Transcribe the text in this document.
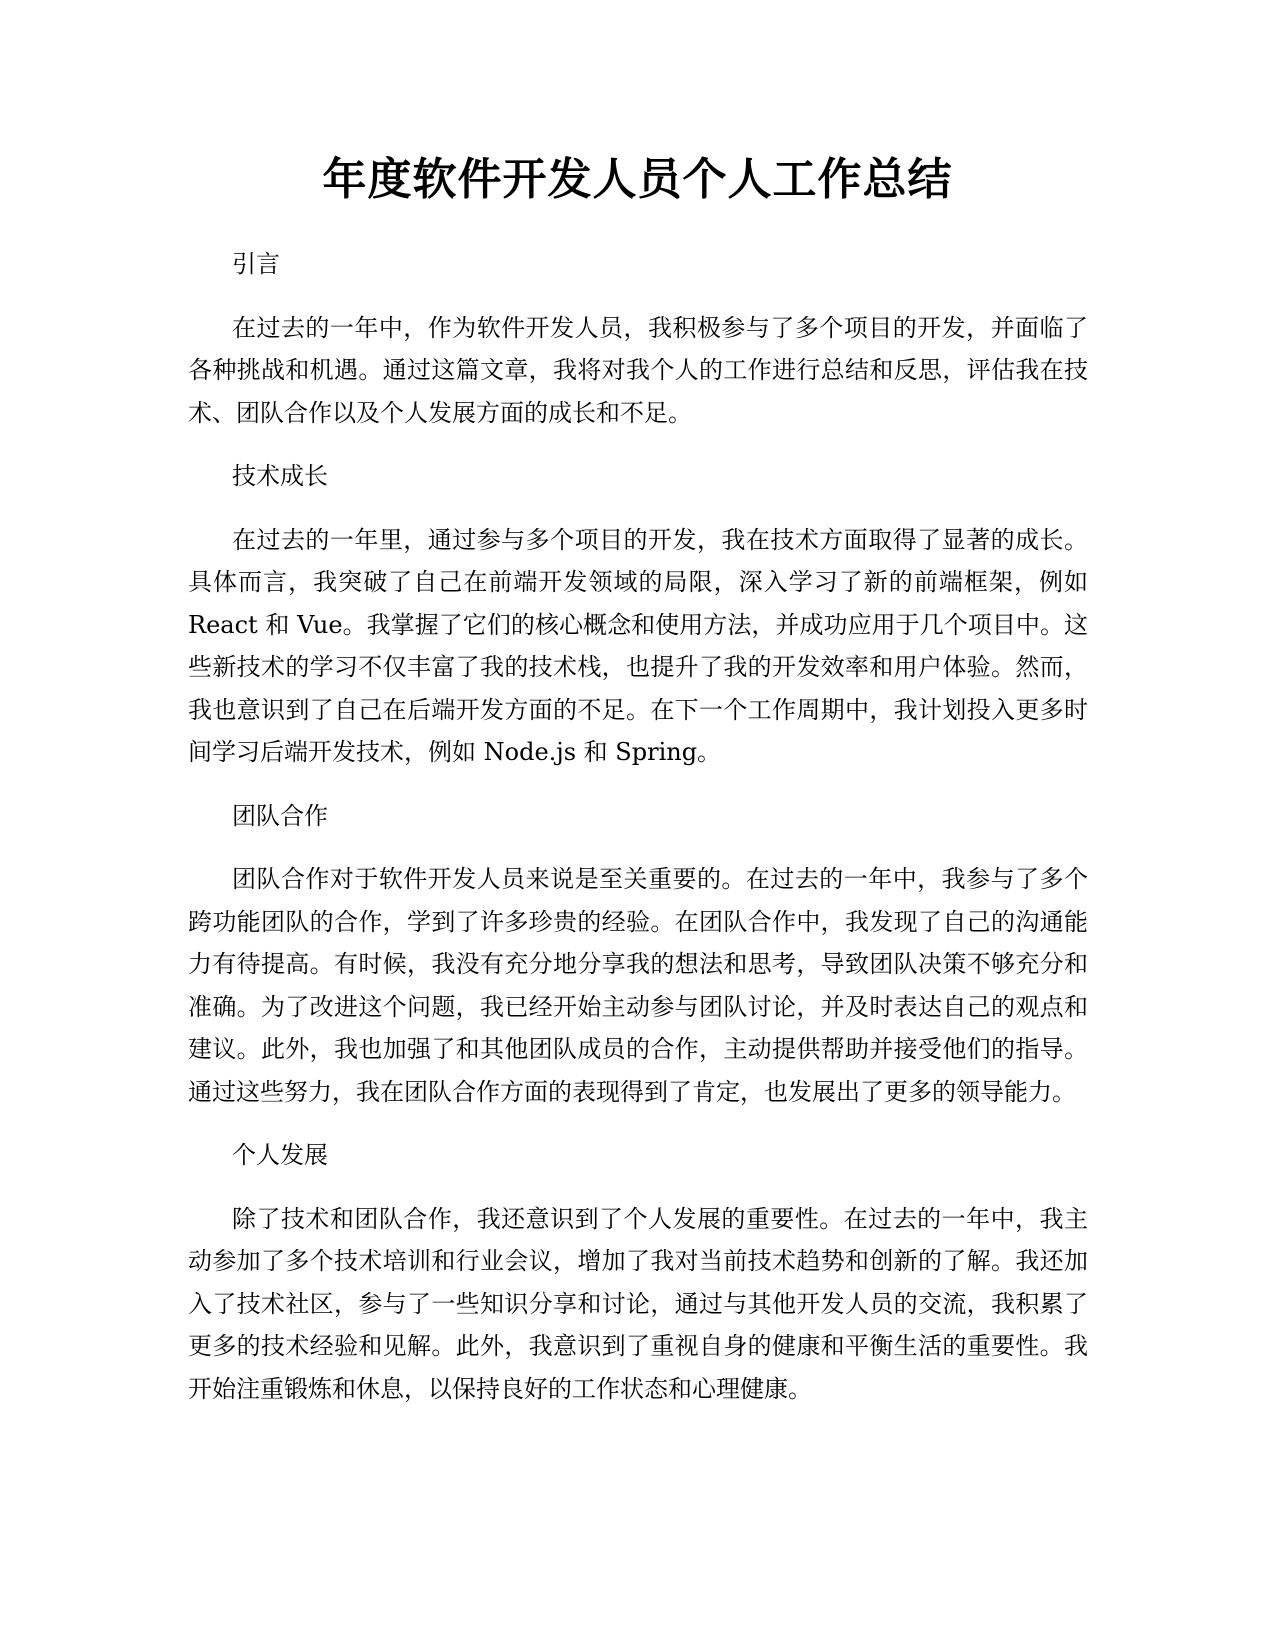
年度软件开发人员个人工作总结
引言

在过去的一年中，作为软件开发人员，我积极参与了多个项目的开发，并面临了各种挑战和机遇。通过这篇文章，我将对我个人的工作进行总结和反思，评估我在技术、团队合作以及个人发展方面的成长和不足。

技术成长

在过去的一年里，通过参与多个项目的开发，我在技术方面取得了显著的成长。具体而言，我突破了自己在前端开发领域的局限，深入学习了新的前端框架，例如 React 和 Vue。我掌握了它们的核心概念和使用方法，并成功应用于几个项目中。这些新技术的学习不仅丰富了我的技术栈，也提升了我的开发效率和用户体验。然而，我也意识到了自己在后端开发方面的不足。在下一个工作周期中，我计划投入更多时间学习后端开发技术，例如 Node.js 和 Spring。

团队合作

团队合作对于软件开发人员来说是至关重要的。在过去的一年中，我参与了多个跨功能团队的合作，学到了许多珍贵的经验。在团队合作中，我发现了自己的沟通能力有待提高。有时候，我没有充分地分享我的想法和思考，导致团队决策不够充分和准确。为了改进这个问题，我已经开始主动参与团队讨论，并及时表达自己的观点和建议。此外，我也加强了和其他团队成员的合作，主动提供帮助并接受他们的指导。通过这些努力，我在团队合作方面的表现得到了肯定，也发展出了更多的领导能力。

个人发展

除了技术和团队合作，我还意识到了个人发展的重要性。在过去的一年中，我主动参加了多个技术培训和行业会议，增加了我对当前技术趋势和创新的了解。我还加入了技术社区，参与了一些知识分享和讨论，通过与其他开发人员的交流，我积累了更多的技术经验和见解。此外，我意识到了重视自身的健康和平衡生活的重要性。我开始注重锻炼和休息，以保持良好的工作状态和心理健康。
